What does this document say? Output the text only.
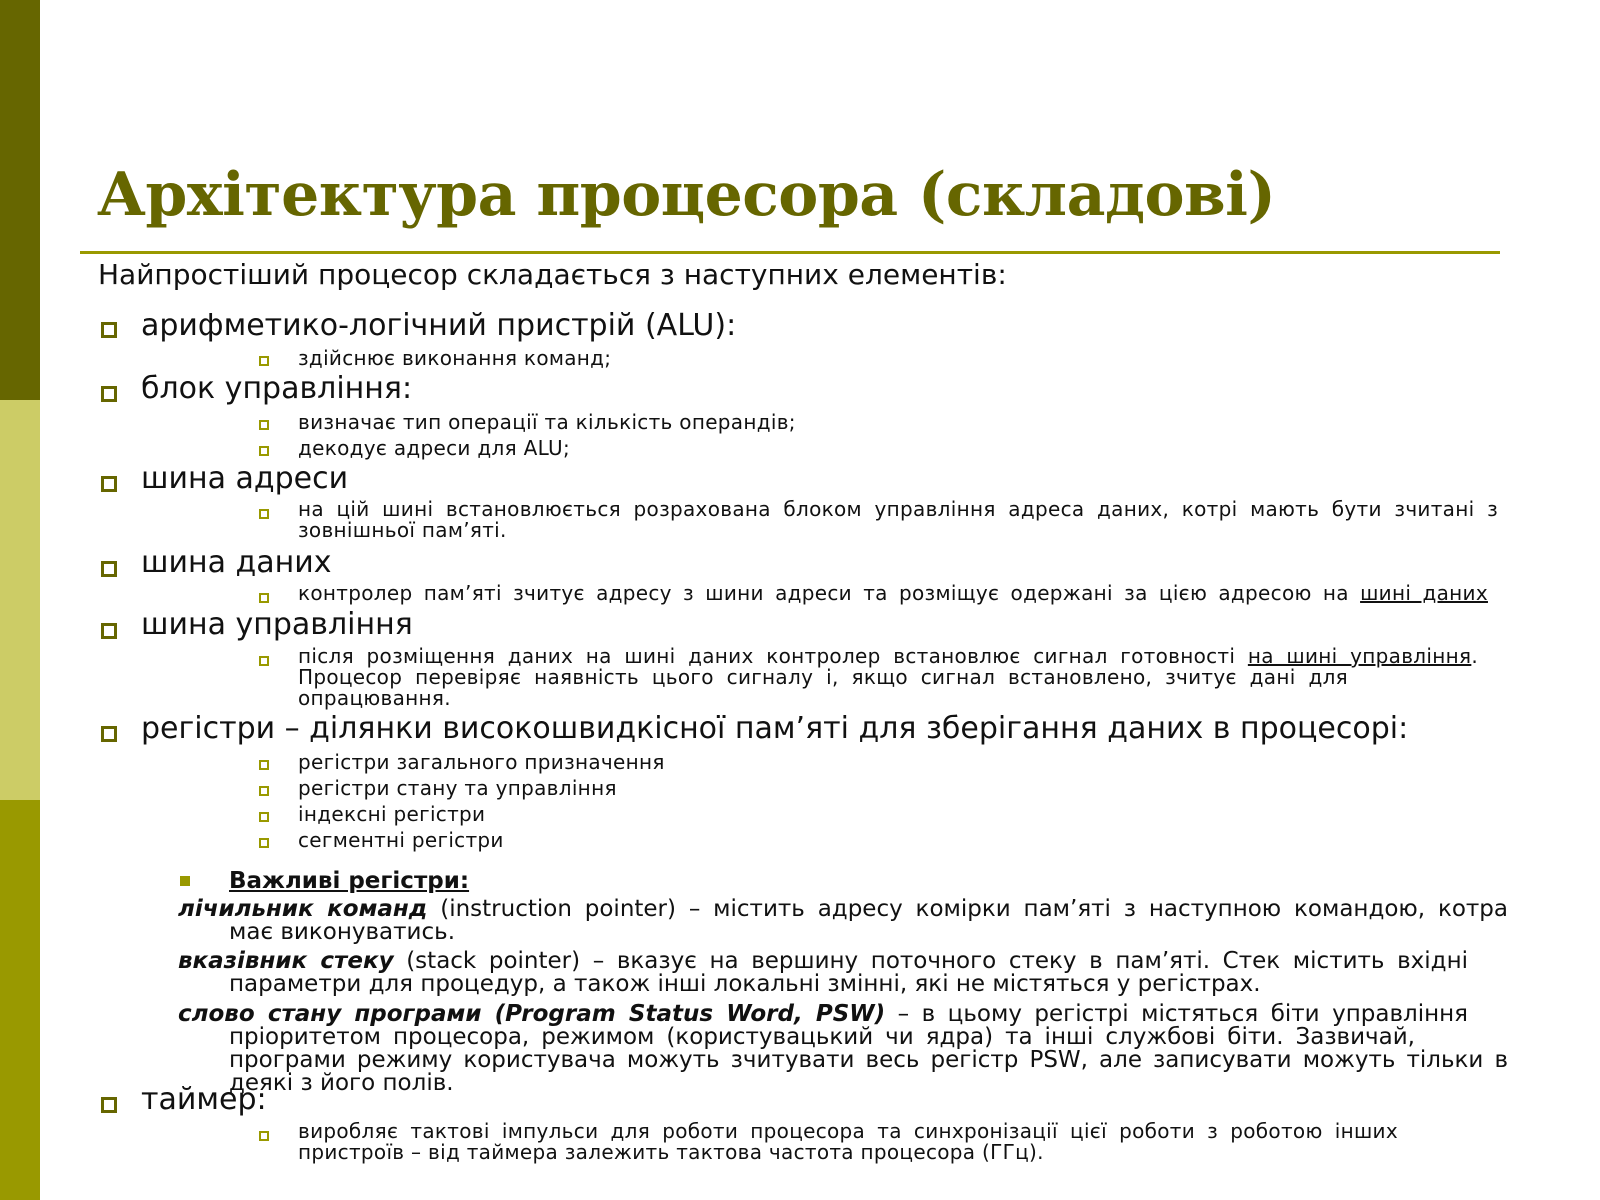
Архітектура процесора (складові)
Найпростіший процесор складається з наступних елементів:
арифметико-логічний пристрій (ALU):
здійснює виконання команд;
блок управління:
визначає тип операції та кількість операндів;
декодує адреси для ALU;
шина адреси
на цій шині встановлюється розрахована блоком управління адреса даних, котрі мають бути зчитані з
зовнішньої пам’яті.
шина даних
контролер пам’яті зчитує адресу з шини адреси та розміщує одержані за цією адресою на шині даних
шина управління
після розміщення даних на шині даних контролер встановлює сигнал готовності на шині управління.
Процесор перевіряє наявність цього сигналу і, якщо сигнал встановлено, зчитує дані для
опрацювання.
регістри – ділянки високошвидкісної пам’яті для зберігання даних в процесорі:
регістри загального призначення
регістри стану та управління
індексні регістри
сегментні регістри
Важливі регістри:
лічильник команд (instruction pointer) – містить адресу комірки пам’яті з наступною командою, котра
має виконуватись.
вказівник стеку (stack pointer) – вказує на вершину поточного стеку в пам’яті. Стек містить вхідні
параметри для процедур, а також інші локальні змінні, які не містяться у регістрах.
слово стану програми (Program Status Word, PSW) – в цьому регістрі містяться біти управління
пріоритетом процесора, режимом (користувацький чи ядра) та інші службові біти. Зазвичай,
програми режиму користувача можуть зчитувати весь регістр PSW, але записувати можуть тільки в
деякі з його полів.
таймер:
виробляє тактові імпульси для роботи процесора та синхронізації цієї роботи з роботою інших
пристроїв – від таймера залежить тактова частота процесора (ГГц).
